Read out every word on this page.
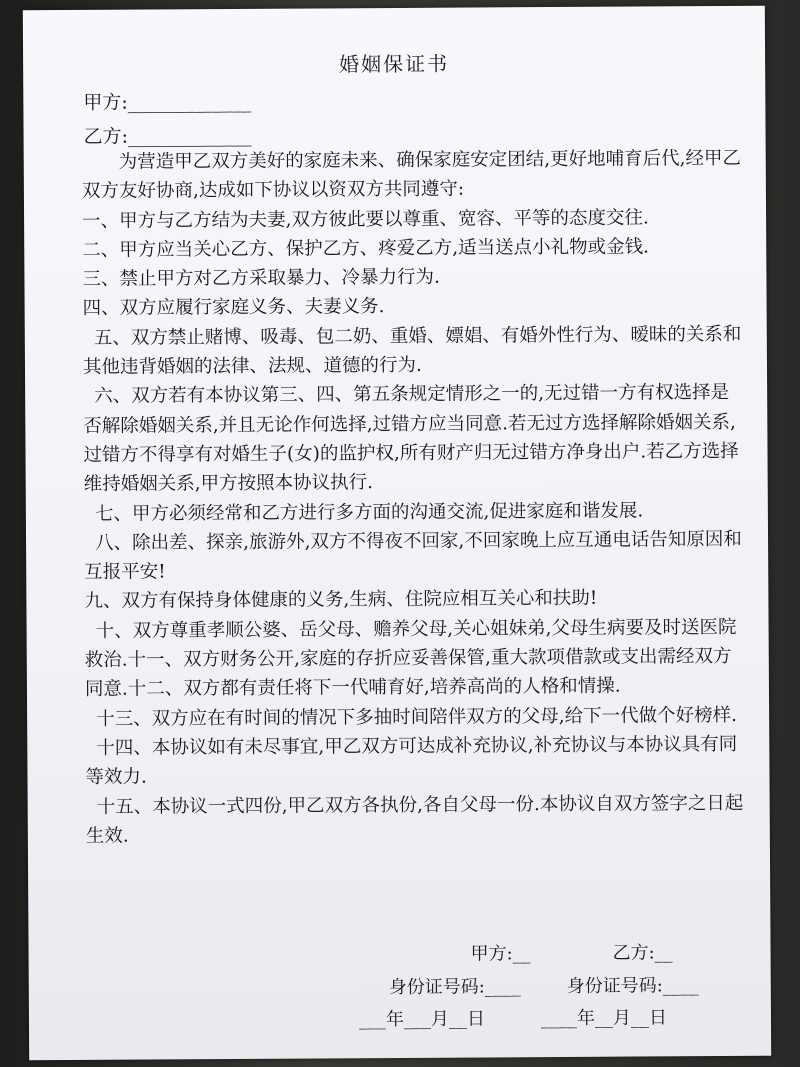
婚姻保证书
甲方:_____________
乙方:_____________

为营造甲乙双方美好的家庭未来、确保家庭安定团结,更好地哺育后代,经甲乙双方友好协商,达成如下协议以资双方共同遵守:

一、甲方与乙方结为夫妻,双方彼此要以尊重、宽容、平等的态度交往.

二、甲方应当关心乙方、保护乙方、疼爱乙方,适当送点小礼物或金钱.

三、禁止甲方对乙方采取暴力、冷暴力行为.

四、双方应履行家庭义务、夫妻义务.

五、双方禁止赌博、吸毒、包二奶、重婚、嫖娼、有婚外性行为、暧昧的关系和其他违背婚姻的法律、法规、道德的行为.

六、双方若有本协议第三、四、第五条规定情形之一的,无过错一方有权选择是否解除婚姻关系,并且无论作何选择,过错方应当同意.若无过方选择解除婚姻关系,过错方不得享有对婚生子(女)的监护权,所有财产归无过错方净身出户.若乙方选择维持婚姻关系,甲方按照本协议执行.

七、甲方必须经常和乙方进行多方面的沟通交流,促进家庭和谐发展.

八、除出差、探亲,旅游外,双方不得夜不回家,不回家晚上应互通电话告知原因和互报平安!

九、双方有保持身体健康的义务,生病、住院应相互关心和扶助!

十、双方尊重孝顺公婆、岳父母、赡养父母,关心姐妹弟,父母生病要及时送医院救治.十一、双方财务公开,家庭的存折应妥善保管,重大款项借款或支出需经双方同意.十二、双方都有责任将下一代哺育好,培养高尚的人格和情操.

十三、双方应在有时间的情况下多抽时间陪伴双方的父母,给下一代做个好榜样.

十四、本协议如有未尽事宜,甲乙双方可达成补充协议,补充协议与本协议具有同等效力.

十五、本协议一式四份,甲乙双方各执份,各自父母一份.本协议自双方签字之日起生效.

甲方:__	乙方:__
身份证号码:____	身份证号码:____
___年___月__日	____年__月__日
